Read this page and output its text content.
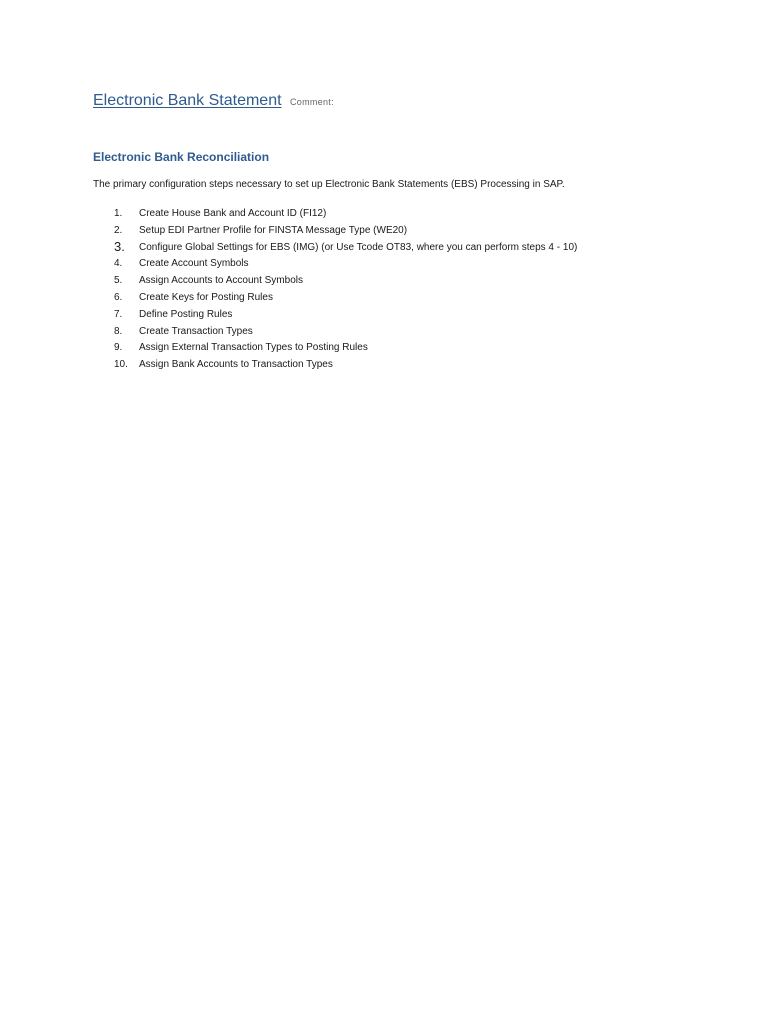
Electronic Bank Statement Comment:
Electronic Bank Reconciliation

The primary configuration steps necessary to set up Electronic Bank Statements (EBS) Processing in SAP.

1. Create House Bank and Account ID (FI12)
2. Setup EDI Partner Profile for FINSTA Message Type (WE20)
3. Configure Global Settings for EBS (IMG) (or Use Tcode OT83, where you can perform steps 4 - 10)
4. Create Account Symbols
5. Assign Accounts to Account Symbols
6. Create Keys for Posting Rules
7. Define Posting Rules
8. Create Transaction Types
9. Assign External Transaction Types to Posting Rules
10. Assign Bank Accounts to Transaction Types
